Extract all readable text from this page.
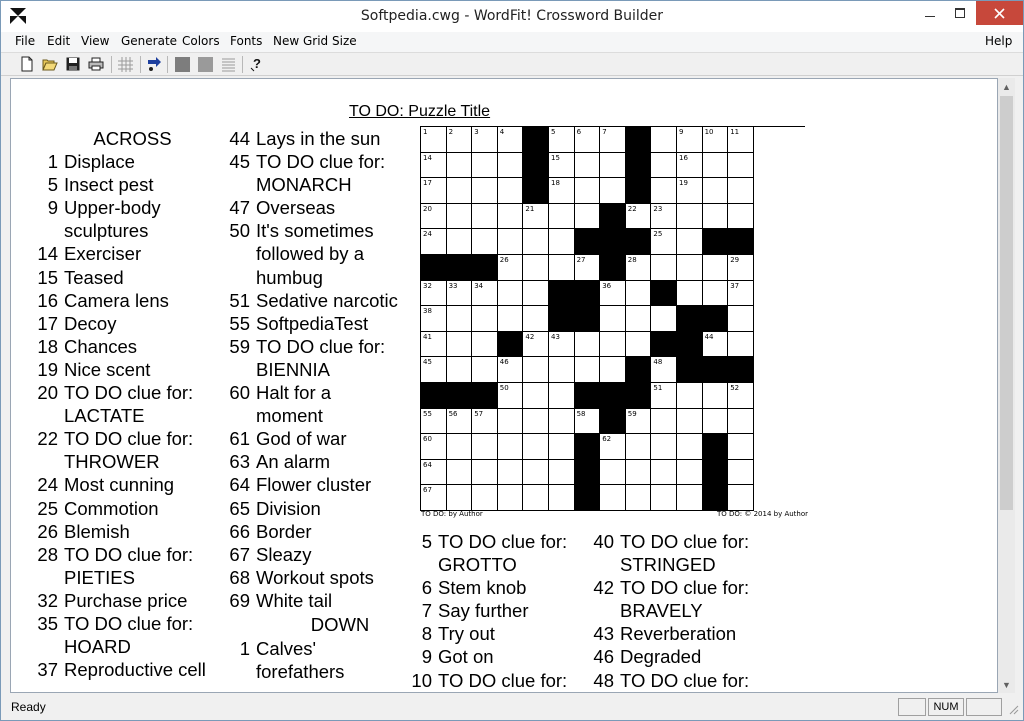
Softpedia.cwg - WordFit! Crossword Builder
File Edit View Generate Colors Fonts New Grid Size	Help
?
TO DO: Puzzle Title
ACROSS
1 Displace
5 Insect pest
9 Upper-body
sculptures
14 Exerciser
15 Teased
16 Camera lens
17 Decoy
18 Chances
19 Nice scent
20 TO DO clue for:
LACTATE
22 TO DO clue for:
THROWER
24 Most cunning
25 Commotion
26 Blemish
28 TO DO clue for:
PIETIES
32 Purchase price
35 TO DO clue for:
HOARD
37 Reproductive cell
44 Lays in the sun
45 TO DO clue for:
MONARCH
47 Overseas
50 It's sometimes
followed by a
humbug
51 Sedative narcotic
55 SoftpediaTest
59 TO DO clue for:
BIENNIA
60 Halt for a
moment
61 God of war
63 An alarm
64 Flower cluster
65 Division
66 Border
67 Sleazy
68 Workout spots
69 White tail
DOWN
1 Calves'
forefathers
5 TO DO clue for:
GROTTO
6 Stem knob
7 Say further
8 Try out
9 Got on
10 TO DO clue for:
40 TO DO clue for:
STRINGED
42 TO DO clue for:
BRAVELY
43 Reverberation
46 Degraded
48 TO DO clue for:
1	2	3	4	5	6	7	8	9	10 11
14	15	16
17	18	19
20	21	22 23
24	25
26	27	28	29
32 33 34	35 36	37
38	39	40
41	42 43	44
45	46	47 48 49
50	51	52
55 56 57	58	59
60	61 62	63
64	65	66
67	68	69
TO DO: by Author	TO DO: © 2014 by Author
▲
▼
Ready	NUM
